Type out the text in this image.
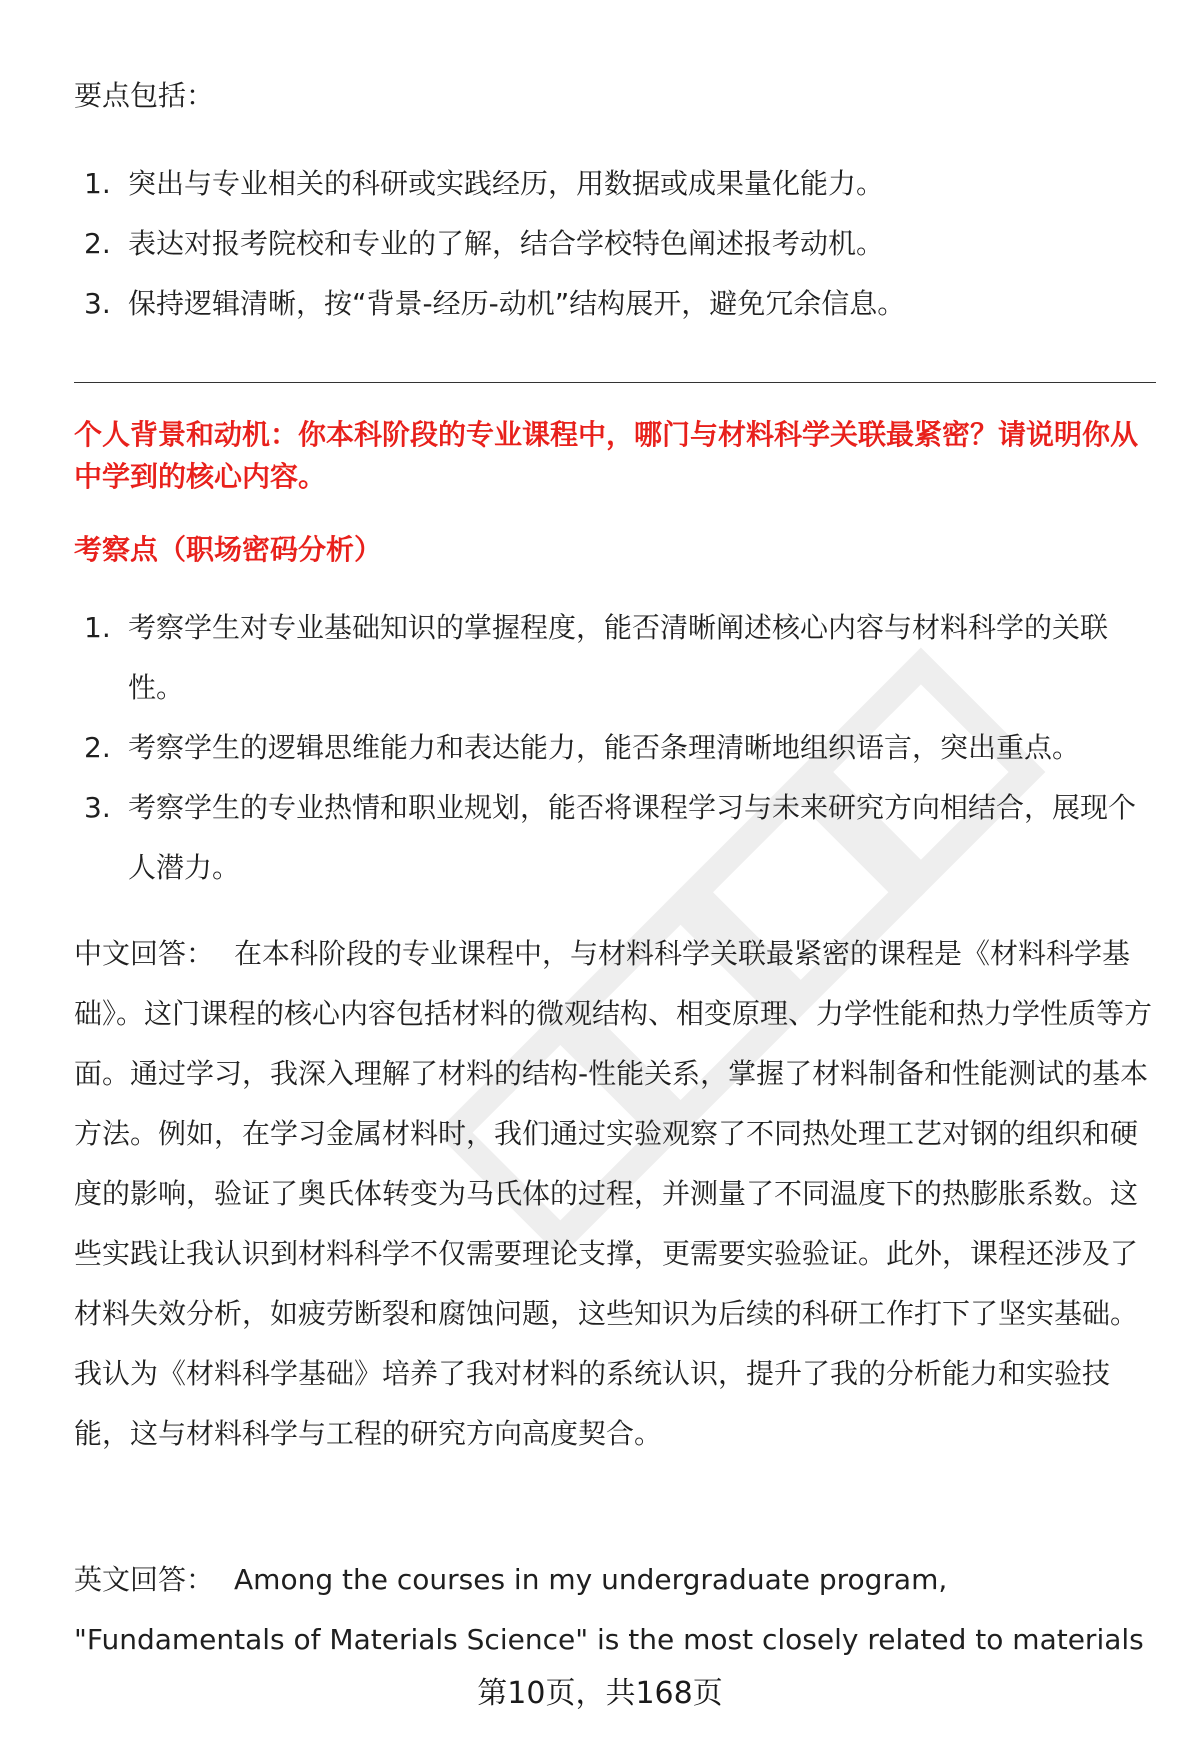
要点包括：
1. 突出与专业相关的科研或实践经历，用数据或成果量化能力。
2. 表达对报考院校和专业的了解，结合学校特色阐述报考动机。
3. 保持逻辑清晰，按“背景-经历-动机”结构展开，避免冗余信息。
个人背景和动机：你本科阶段的专业课程中，哪门与材料科学关联最紧密？请说明你从中学到的核心内容。
考察点（职场密码分析）
1. 考察学生对专业基础知识的掌握程度，能否清晰阐述核心内容与材料科学的关联性。
2. 考察学生的逻辑思维能力和表达能力，能否条理清晰地组织语言，突出重点。
3. 考察学生的专业热情和职业规划，能否将课程学习与未来研究方向相结合，展现个人潜力。

中文回答： 在本科阶段的专业课程中，与材料科学关联最紧密的课程是《材料科学基础》。这门课程的核心内容包括材料的微观结构、相变原理、力学性能和热力学性质等方面。通过学习，我深入理解了材料的结构-性能关系，掌握了材料制备和性能测试的基本方法。例如，在学习金属材料时，我们通过实验观察了不同热处理工艺对钢的组织和硬度的影响，验证了奥氏体转变为马氏体的过程，并测量了不同温度下的热膨胀系数。这些实践让我认识到材料科学不仅需要理论支撑，更需要实验验证。此外，课程还涉及了材料失效分析，如疲劳断裂和腐蚀问题，这些知识为后续的科研工作打下了坚实基础。我认为《材料科学基础》培养了我对材料的系统认识，提升了我的分析能力和实验技能，这与材料科学与工程的研究方向高度契合。

英文回答： Among the courses in my undergraduate program, "Fundamentals of Materials Science" is the most closely related to materials

第10页，共168页
